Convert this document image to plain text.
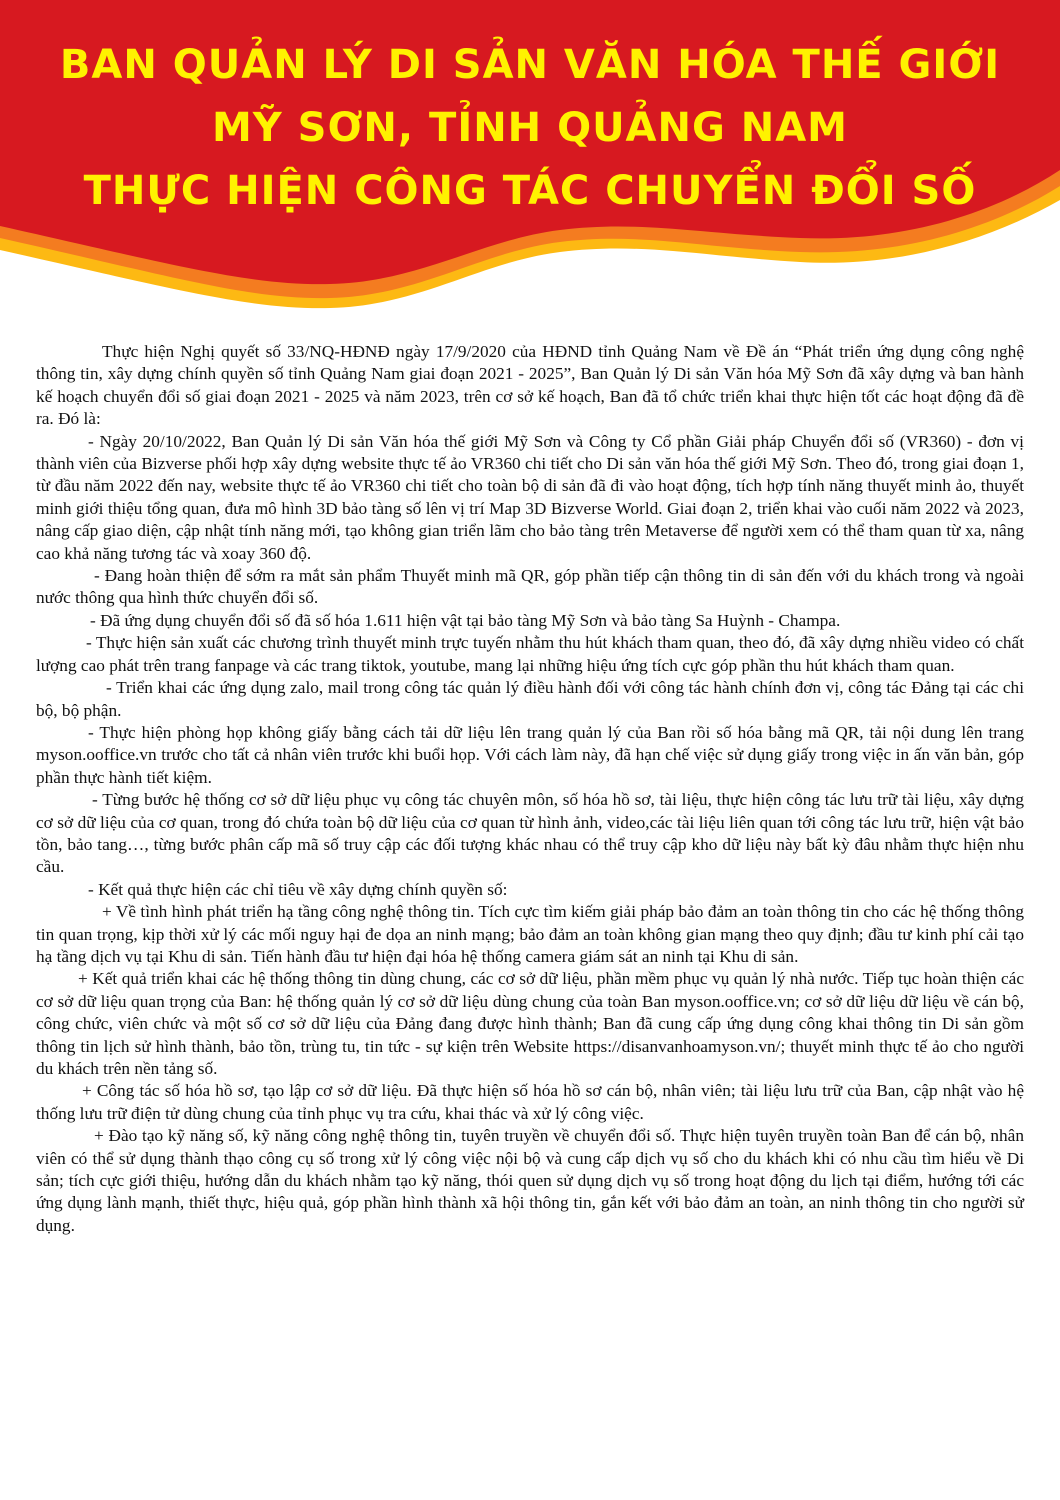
BAN QUẢN LÝ DI SẢN VĂN HÓA THẾ GIỚI
MỸ SƠN, TỈNH QUẢNG NAM
THỰC HIỆN CÔNG TÁC CHUYỂN ĐỔI SỐ

Thực hiện Nghị quyết số 33/NQ-HĐNĐ ngày 17/9/2020 của HĐND tỉnh Quảng Nam về Đề án “Phát triển ứng dụng công nghệ thông tin, xây dựng chính quyền số tỉnh Quảng Nam giai đoạn 2021 - 2025”, Ban Quản lý Di sản Văn hóa Mỹ Sơn đã xây dựng và ban hành kế hoạch chuyển đổi số giai đoạn 2021 - 2025 và năm 2023, trên cơ sở kế hoạch, Ban đã tổ chức triển khai thực hiện tốt các hoạt động đã đề ra. Đó là:

- Ngày 20/10/2022, Ban Quản lý Di sản Văn hóa thế giới Mỹ Sơn và Công ty Cổ phần Giải pháp Chuyển đổi số (VR360) - đơn vị thành viên của Bizverse phối hợp xây dựng website thực tế ảo VR360 chi tiết cho Di sản văn hóa thế giới Mỹ Sơn. Theo đó, trong giai đoạn 1, từ đầu năm 2022 đến nay, website thực tế ảo VR360 chi tiết cho toàn bộ di sản đã đi vào hoạt động, tích hợp tính năng thuyết minh ảo, thuyết minh giới thiệu tổng quan, đưa mô hình 3D bảo tàng số lên vị trí Map 3D Bizverse World. Giai đoạn 2, triển khai vào cuối năm 2022 và 2023, nâng cấp giao diện, cập nhật tính năng mới, tạo không gian triển lãm cho bảo tàng trên Metaverse để người xem có thể tham quan từ xa, nâng cao khả năng tương tác và xoay 360 độ.

- Đang hoàn thiện để sớm ra mắt sản phẩm Thuyết minh mã QR, góp phần tiếp cận thông tin di sản đến với du khách trong và ngoài nước thông qua hình thức chuyển đổi số.

- Đã ứng dụng chuyển đổi số đã số hóa 1.611 hiện vật tại bảo tàng Mỹ Sơn và bảo tàng Sa Huỳnh - Champa.

- Thực hiện sản xuất các chương trình thuyết minh trực tuyến nhằm thu hút khách tham quan, theo đó, đã xây dựng nhiều video có chất lượng cao phát trên trang fanpage và các trang tiktok, youtube, mang lại những hiệu ứng tích cực góp phần thu hút khách tham quan.

- Triển khai các ứng dụng zalo, mail trong công tác quản lý điều hành đối với công tác hành chính đơn vị, công tác Đảng tại các chi bộ, bộ phận.

- Thực hiện phòng họp không giấy bằng cách tải dữ liệu lên trang quản lý của Ban rồi số hóa bằng mã QR, tải nội dung lên trang myson.ooffice.vn trước cho tất cả nhân viên trước khi buổi họp. Với cách làm này, đã hạn chế việc sử dụng giấy trong việc in ấn văn bản, góp phần thực hành tiết kiệm.

- Từng bước hệ thống cơ sở dữ liệu phục vụ công tác chuyên môn, số hóa hồ sơ, tài liệu, thực hiện công tác lưu trữ tài liệu, xây dựng cơ sở dữ liệu của cơ quan, trong đó chứa toàn bộ dữ liệu của cơ quan từ hình ảnh, video,các tài liệu liên quan tới công tác lưu trữ, hiện vật bảo tồn, bảo tang…, từng bước phân cấp mã số truy cập các đối tượng khác nhau có thể truy cập kho dữ liệu này bất kỳ đâu nhằm thực hiện nhu cầu.

- Kết quả thực hiện các chỉ tiêu về xây dựng chính quyền số:

+ Về tình hình phát triển hạ tầng công nghệ thông tin. Tích cực tìm kiếm giải pháp bảo đảm an toàn thông tin cho các hệ thống thông tin quan trọng, kịp thời xử lý các mối nguy hại đe dọa an ninh mạng; bảo đảm an toàn không gian mạng theo quy định; đầu tư kinh phí cải tạo hạ tầng dịch vụ tại Khu di sản. Tiến hành đầu tư hiện đại hóa hệ thống camera giám sát an ninh tại Khu di sản.

+ Kết quả triển khai các hệ thống thông tin dùng chung, các cơ sở dữ liệu, phần mềm phục vụ quản lý nhà nước. Tiếp tục hoàn thiện các cơ sở dữ liệu quan trọng của Ban: hệ thống quản lý cơ sở dữ liệu dùng chung của toàn Ban myson.ooffice.vn; cơ sở dữ liệu dữ liệu về cán bộ, công chức, viên chức và một số cơ sở dữ liệu của Đảng đang được hình thành; Ban đã cung cấp ứng dụng công khai thông tin Di sản gồm thông tin lịch sử hình thành, bảo tồn, trùng tu, tin tức - sự kiện trên Website https://disanvanhoamyson.vn/; thuyết minh thực tế ảo cho người du khách trên nền tảng số.

+ Công tác số hóa hồ sơ, tạo lập cơ sở dữ liệu. Đã thực hiện số hóa hồ sơ cán bộ, nhân viên; tài liệu lưu trữ của Ban, cập nhật vào hệ thống lưu trữ điện tử dùng chung của tỉnh phục vụ tra cứu, khai thác và xử lý công việc.

+ Đào tạo kỹ năng số, kỹ năng công nghệ thông tin, tuyên truyền về chuyển đổi số. Thực hiện tuyên truyền toàn Ban để cán bộ, nhân viên có thể sử dụng thành thạo công cụ số trong xử lý công việc nội bộ và cung cấp dịch vụ số cho du khách khi có nhu cầu tìm hiểu về Di sản; tích cực giới thiệu, hướng dẫn du khách nhằm tạo kỹ năng, thói quen sử dụng dịch vụ số trong hoạt động du lịch tại điểm, hướng tới các ứng dụng lành mạnh, thiết thực, hiệu quả, góp phần hình thành xã hội thông tin, gắn kết với bảo đảm an toàn, an ninh thông tin cho người sử dụng.
